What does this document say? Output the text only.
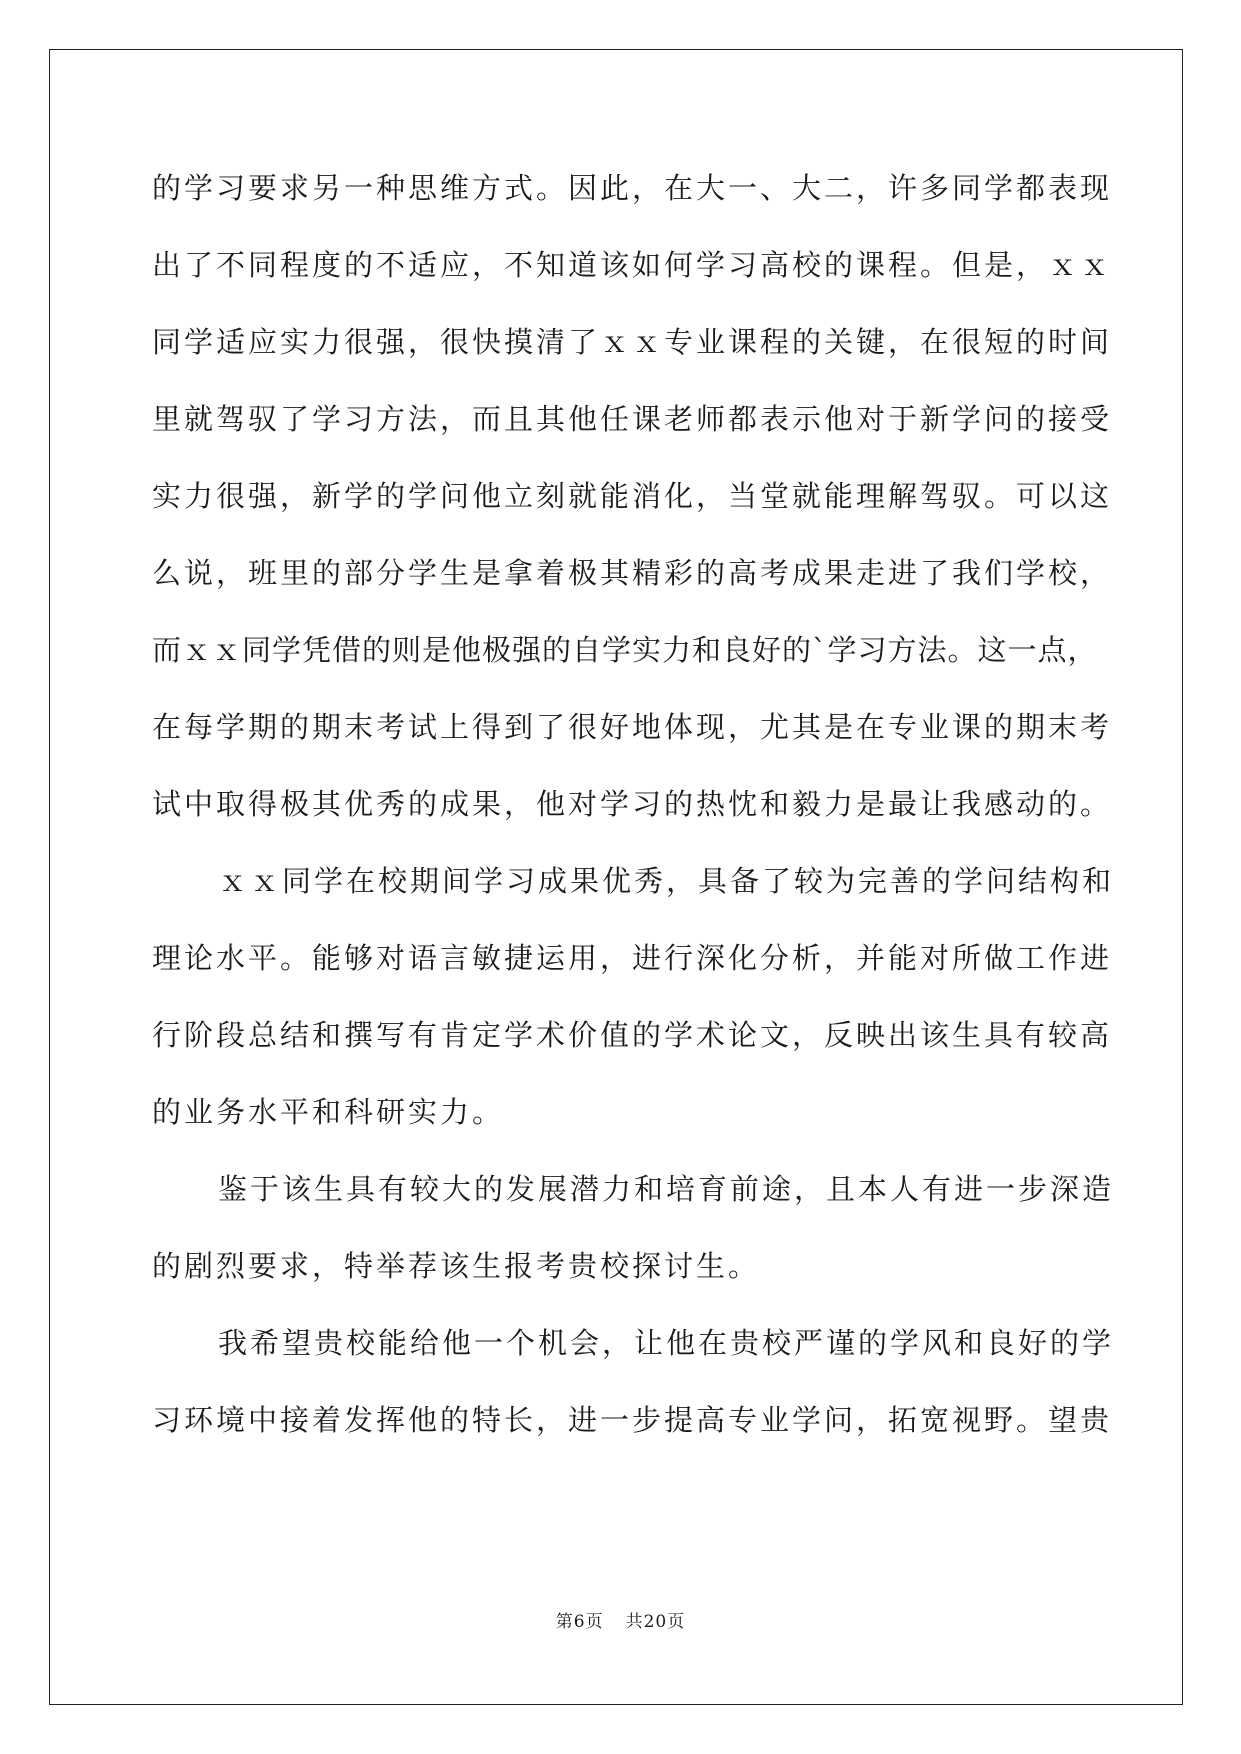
的学习要求另一种思维方式。因此，在大一、大二，许多同学都表现
出了不同程度的不适应，不知道该如何学习高校的课程。但是，ｘｘ
同学适应实力很强，很快摸清了ｘｘ专业课程的关键，在很短的时间
里就驾驭了学习方法，而且其他任课老师都表示他对于新学问的接受
实力很强，新学的学问他立刻就能消化，当堂就能理解驾驭。可以这
么说，班里的部分学生是拿着极其精彩的高考成果走进了我们学校，
而ｘｘ同学凭借的则是他极强的自学实力和良好的`学习方法。这一点，
在每学期的期末考试上得到了很好地体现，尤其是在专业课的期末考
试中取得极其优秀的成果，他对学习的热忱和毅力是最让我感动的。
ｘｘ同学在校期间学习成果优秀，具备了较为完善的学问结构和
理论水平。能够对语言敏捷运用，进行深化分析，并能对所做工作进
行阶段总结和撰写有肯定学术价值的学术论文，反映出该生具有较高
的业务水平和科研实力。
鉴于该生具有较大的发展潜力和培育前途，且本人有进一步深造
的剧烈要求，特举荐该生报考贵校探讨生。
我希望贵校能给他一个机会，让他在贵校严谨的学风和良好的学
习环境中接着发挥他的特长，进一步提高专业学问，拓宽视野。望贵
第6页 共20页
